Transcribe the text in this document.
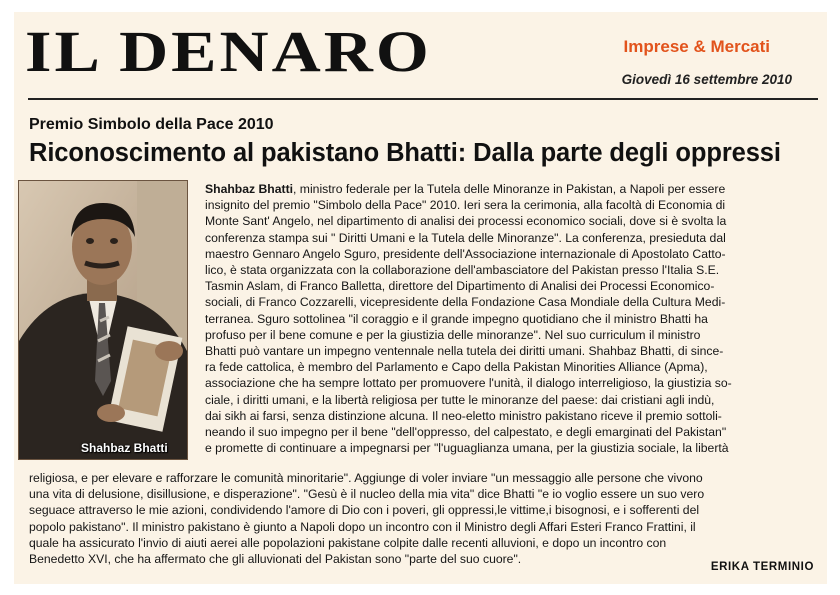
IL DENARO	Imprese & Mercati
Giovedì 16 settembre 2010
Premio Simbolo della Pace 2010
Riconoscimento al pakistano Bhatti: Dalla parte degli oppressi
Shahbaz Bhatti
Shahbaz Bhatti, ministro federale per la Tutela delle Minoranze in Pakistan, a Napoli per essere
insignito del premio "Simbolo della Pace" 2010. Ieri sera la cerimonia, alla facoltà di Economia di
Monte Sant' Angelo, nel dipartimento di analisi dei processi economico sociali, dove si è svolta la
conferenza stampa sui " Diritti Umani e la Tutela delle Minoranze". La conferenza, presieduta dal
maestro Gennaro Angelo Sguro, presidente dell'Associazione internazionale di Apostolato Catto-
lico, è stata organizzata con la collaborazione dell'ambasciatore del Pakistan presso l'Italia S.E.
Tasmin Aslam, di Franco Balletta, direttore del Dipartimento di Analisi dei Processi Economico-
sociali, di Franco Cozzarelli, vicepresidente della Fondazione Casa Mondiale della Cultura Medi-
terranea. Sguro sottolinea "il coraggio e il grande impegno quotidiano che il ministro Bhatti ha
profuso per il bene comune e per la giustizia delle minoranze". Nel suo curriculum il ministro
Bhatti può vantare un impegno ventennale nella tutela dei diritti umani. Shahbaz Bhatti, di since-
ra fede cattolica, è membro del Parlamento e Capo della Pakistan Minorities Alliance (Apma),
associazione che ha sempre lottato per promuovere l'unità, il dialogo interreligioso, la giustizia so-
ciale, i diritti umani, e la libertà religiosa per tutte le minoranze del paese: dai cristiani agli indù,
dai sikh ai farsi, senza distinzione alcuna. Il neo-eletto ministro pakistano riceve il premio sottoli-
neando il suo impegno per il bene "dell'oppresso, del calpestato, e degli emarginati del Pakistan"
e promette di continuare a impegnarsi per "l'uguaglianza umana, per la giustizia sociale, la libertà
religiosa, e per elevare e rafforzare le comunità minoritarie". Aggiunge di voler inviare "un messaggio alle persone che vivono
una vita di delusione, disillusione, e disperazione". "Gesù è il nucleo della mia vita" dice Bhatti "e io voglio essere un suo vero
seguace attraverso le mie azioni, condividendo l'amore di Dio con i poveri, gli oppressi,le vittime,i bisognosi, e i sofferenti del
popolo pakistano". Il ministro pakistano è giunto a Napoli dopo un incontro con il Ministro degli Affari Esteri Franco Frattini, il
quale ha assicurato l'invio di aiuti aerei alle popolazioni pakistane colpite dalle recenti alluvioni, e dopo un incontro con
Benedetto XVI, che ha affermato che gli alluvionati del Pakistan sono "parte del suo cuore".
ERIKA TERMINIO
